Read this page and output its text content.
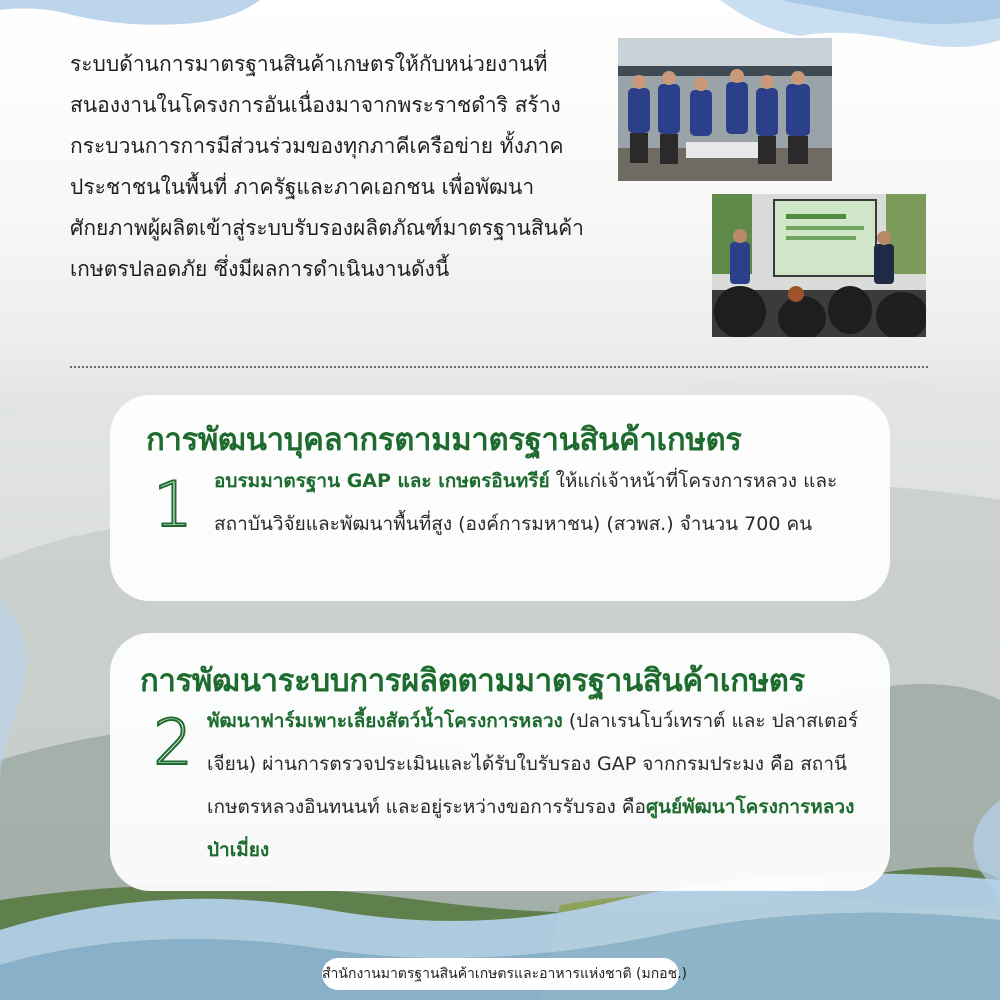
ระบบด้านการมาตรฐานสินค้าเกษตรให้กับหน่วยงานที่สนองงานในโครงการอันเนื่องมาจากพระราชดำริ สร้างกระบวนการการมีส่วนร่วมของทุกภาคีเครือข่าย ทั้งภาคประชาชนในพื้นที่ ภาครัฐและภาคเอกชน เพื่อพัฒนาศักยภาพผู้ผลิตเข้าสู่ระบบรับรองผลิตภัณฑ์มาตรฐานสินค้าเกษตรปลอดภัย ซึ่งมีผลการดำเนินงานดังนี้

การพัฒนาบุคลากรตามมาตรฐานสินค้าเกษตร
1 อบรมมาตรฐาน GAP และ เกษตรอินทรีย์ ให้แก่เจ้าหน้าที่โครงการหลวง และสถาบันวิจัยและพัฒนาพื้นที่สูง (องค์การมหาชน) (สวพส.) จำนวน 700 คน

การพัฒนาระบบการผลิตตามมาตรฐานสินค้าเกษตร
2 พัฒนาฟาร์มเพาะเลี้ยงสัตว์น้ำโครงการหลวง (ปลาเรนโบว์เทราต์ และ ปลาสเตอร์เจียน) ผ่านการตรวจประเมินและได้รับใบรับรอง GAP จากกรมประมง คือ สถานีเกษตรหลวงอินทนนท์ และอยู่ระหว่างขอการรับรอง คือศูนย์พัฒนาโครงการหลวงป่าเมี่ยง

สำนักงานมาตรฐานสินค้าเกษตรและอาหารแห่งชาติ (มกอช.)
